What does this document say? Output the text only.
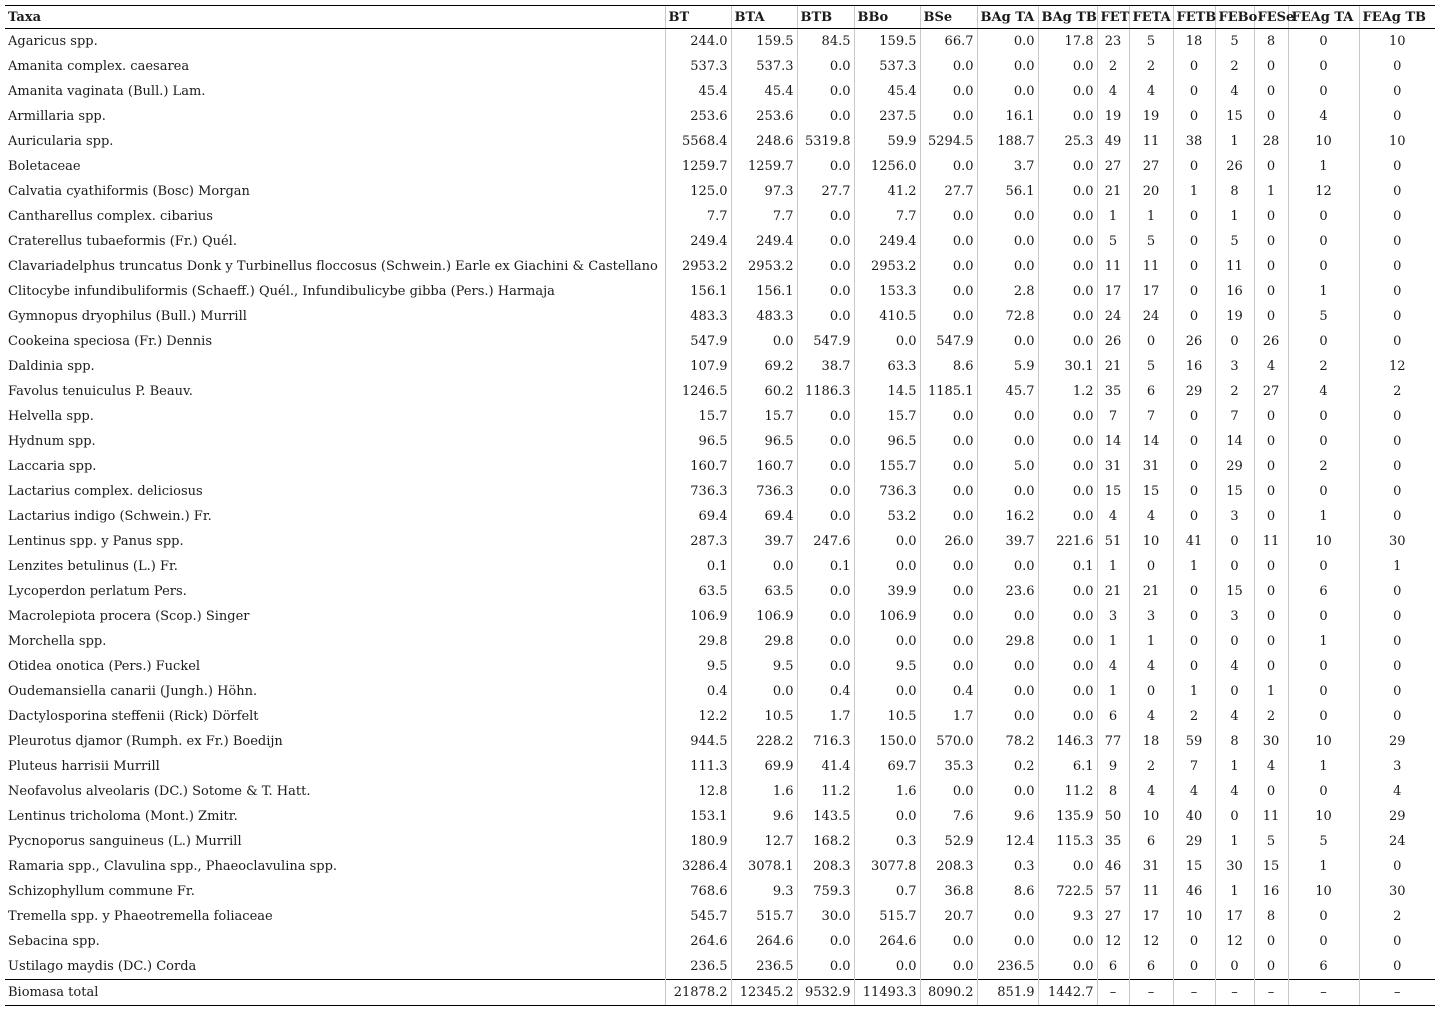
Taxa	BT	BTA	BTB	BBo	BSe	BAg TA	BAg TB	FET	FETA	FETB	FEBo	FESe	FEAg TA	FEAg TB
Agaricus spp.	244.0	159.5	84.5	159.5	66.7	0.0	17.8	23	5	18	5	8	0	10
Amanita complex. caesarea	537.3	537.3	0.0	537.3	0.0	0.0	0.0	2	2	0	2	0	0	0
Amanita vaginata (Bull.) Lam.	45.4	45.4	0.0	45.4	0.0	0.0	0.0	4	4	0	4	0	0	0
Armillaria spp.	253.6	253.6	0.0	237.5	0.0	16.1	0.0	19	19	0	15	0	4	0
Auricularia spp.	5568.4	248.6	5319.8	59.9	5294.5	188.7	25.3	49	11	38	1	28	10	10
Boletaceae	1259.7	1259.7	0.0	1256.0	0.0	3.7	0.0	27	27	0	26	0	1	0
Calvatia cyathiformis (Bosc) Morgan	125.0	97.3	27.7	41.2	27.7	56.1	0.0	21	20	1	8	1	12	0
Cantharellus complex. cibarius	7.7	7.7	0.0	7.7	0.0	0.0	0.0	1	1	0	1	0	0	0
Craterellus tubaeformis (Fr.) Quél.	249.4	249.4	0.0	249.4	0.0	0.0	0.0	5	5	0	5	0	0	0
Clavariadelphus truncatus Donk y Turbinellus floccosus (Schwein.) Earle ex Giachini & Castellano	2953.2	2953.2	0.0	2953.2	0.0	0.0	0.0	11	11	0	11	0	0	0
Clitocybe infundibuliformis (Schaeff.) Quél., Infundibulicybe gibba (Pers.) Harmaja	156.1	156.1	0.0	153.3	0.0	2.8	0.0	17	17	0	16	0	1	0
Gymnopus dryophilus (Bull.) Murrill	483.3	483.3	0.0	410.5	0.0	72.8	0.0	24	24	0	19	0	5	0
Cookeina speciosa (Fr.) Dennis	547.9	0.0	547.9	0.0	547.9	0.0	0.0	26	0	26	0	26	0	0
Daldinia spp.	107.9	69.2	38.7	63.3	8.6	5.9	30.1	21	5	16	3	4	2	12
Favolus tenuiculus P. Beauv.	1246.5	60.2	1186.3	14.5	1185.1	45.7	1.2	35	6	29	2	27	4	2
Helvella spp.	15.7	15.7	0.0	15.7	0.0	0.0	0.0	7	7	0	7	0	0	0
Hydnum spp.	96.5	96.5	0.0	96.5	0.0	0.0	0.0	14	14	0	14	0	0	0
Laccaria spp.	160.7	160.7	0.0	155.7	0.0	5.0	0.0	31	31	0	29	0	2	0
Lactarius complex. deliciosus	736.3	736.3	0.0	736.3	0.0	0.0	0.0	15	15	0	15	0	0	0
Lactarius indigo (Schwein.) Fr.	69.4	69.4	0.0	53.2	0.0	16.2	0.0	4	4	0	3	0	1	0
Lentinus spp. y Panus spp.	287.3	39.7	247.6	0.0	26.0	39.7	221.6	51	10	41	0	11	10	30
Lenzites betulinus (L.) Fr.	0.1	0.0	0.1	0.0	0.0	0.0	0.1	1	0	1	0	0	0	1
Lycoperdon perlatum Pers.	63.5	63.5	0.0	39.9	0.0	23.6	0.0	21	21	0	15	0	6	0
Macrolepiota procera (Scop.) Singer	106.9	106.9	0.0	106.9	0.0	0.0	0.0	3	3	0	3	0	0	0
Morchella spp.	29.8	29.8	0.0	0.0	0.0	29.8	0.0	1	1	0	0	0	1	0
Otidea onotica (Pers.) Fuckel	9.5	9.5	0.0	9.5	0.0	0.0	0.0	4	4	0	4	0	0	0
Oudemansiella canarii (Jungh.) Höhn.	0.4	0.0	0.4	0.0	0.4	0.0	0.0	1	0	1	0	1	0	0
Dactylosporina steffenii (Rick) Dörfelt	12.2	10.5	1.7	10.5	1.7	0.0	0.0	6	4	2	4	2	0	0
Pleurotus djamor (Rumph. ex Fr.) Boedijn	944.5	228.2	716.3	150.0	570.0	78.2	146.3	77	18	59	8	30	10	29
Pluteus harrisii Murrill	111.3	69.9	41.4	69.7	35.3	0.2	6.1	9	2	7	1	4	1	3
Neofavolus alveolaris (DC.) Sotome & T. Hatt.	12.8	1.6	11.2	1.6	0.0	0.0	11.2	8	4	4	4	0	0	4
Lentinus tricholoma (Mont.) Zmitr.	153.1	9.6	143.5	0.0	7.6	9.6	135.9	50	10	40	0	11	10	29
Pycnoporus sanguineus (L.) Murrill	180.9	12.7	168.2	0.3	52.9	12.4	115.3	35	6	29	1	5	5	24
Ramaria spp., Clavulina spp., Phaeoclavulina spp.	3286.4	3078.1	208.3	3077.8	208.3	0.3	0.0	46	31	15	30	15	1	0
Schizophyllum commune Fr.	768.6	9.3	759.3	0.7	36.8	8.6	722.5	57	11	46	1	16	10	30
Tremella spp. y Phaeotremella foliaceae	545.7	515.7	30.0	515.7	20.7	0.0	9.3	27	17	10	17	8	0	2
Sebacina spp.	264.6	264.6	0.0	264.6	0.0	0.0	0.0	12	12	0	12	0	0	0
Ustilago maydis (DC.) Corda	236.5	236.5	0.0	0.0	0.0	236.5	0.0	6	6	0	0	0	6	0
Biomasa total	21878.2	12345.2	9532.9	11493.3	8090.2	851.9	1442.7	–	–	–	–	–	–	–
